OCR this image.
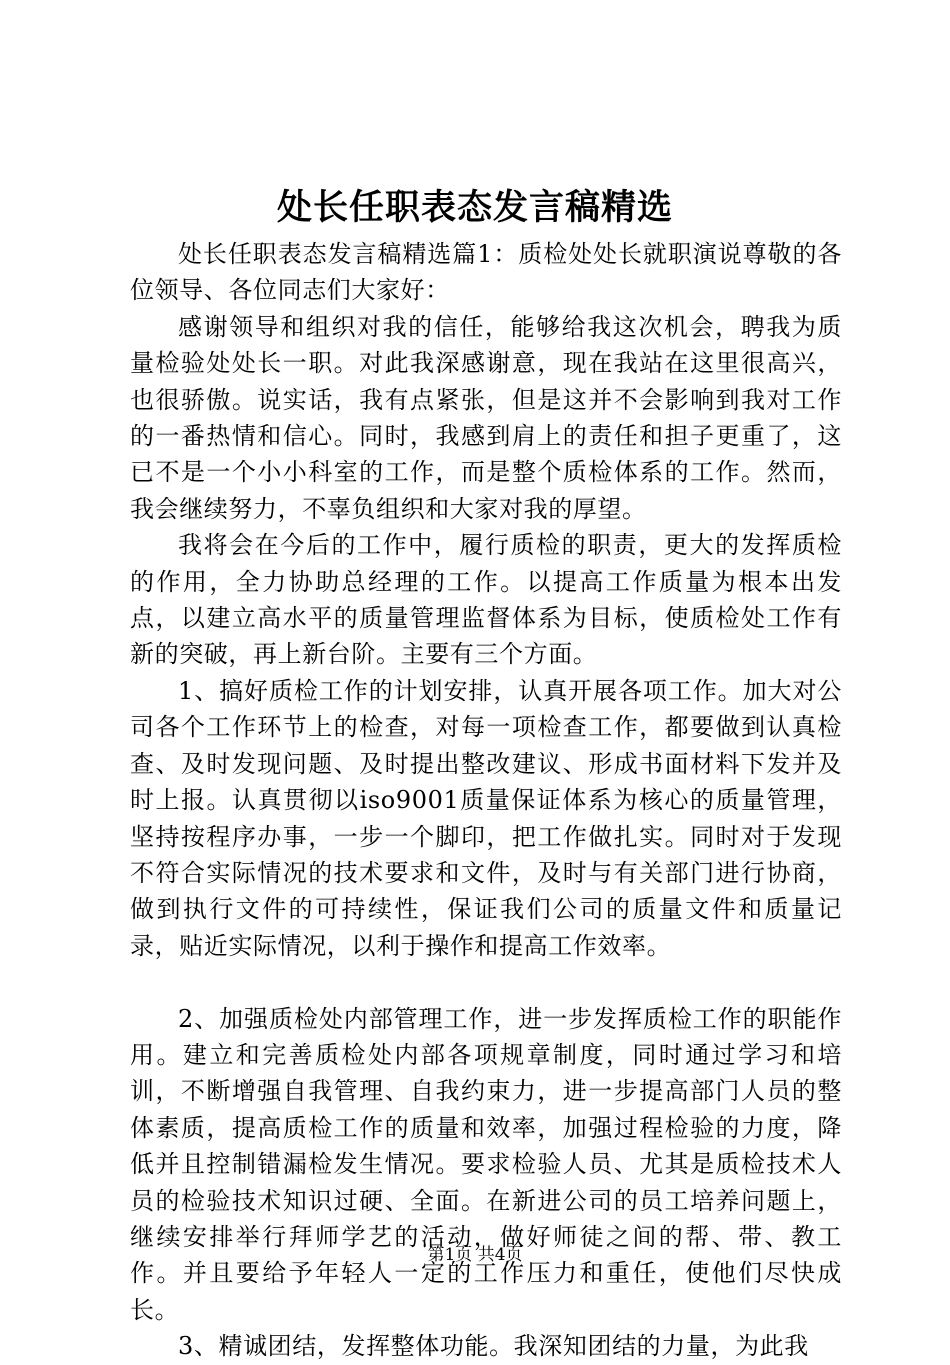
处长任职表态发言稿精选

处长任职表态发言稿精选篇1：质检处处长就职演说尊敬的各位领导、各位同志们大家好：

感谢领导和组织对我的信任，能够给我这次机会，聘我为质量检验处处长一职。对此我深感谢意，现在我站在这里很高兴，也很骄傲。说实话，我有点紧张，但是这并不会影响到我对工作的一番热情和信心。同时，我感到肩上的责任和担子更重了，这已不是一个小小科室的工作，而是整个质检体系的工作。然而，我会继续努力，不辜负组织和大家对我的厚望。

我将会在今后的工作中，履行质检的职责，更大的发挥质检的作用，全力协助总经理的工作。以提高工作质量为根本出发点，以建立高水平的质量管理监督体系为目标，使质检处工作有新的突破，再上新台阶。主要有三个方面。

1、搞好质检工作的计划安排，认真开展各项工作。加大对公司各个工作环节上的检查，对每一项检查工作，都要做到认真检查、及时发现问题、及时提出整改建议、形成书面材料下发并及时上报。认真贯彻以iso9001质量保证体系为核心的质量管理，坚持按程序办事，一步一个脚印，把工作做扎实。同时对于发现不符合实际情况的技术要求和文件，及时与有关部门进行协商，做到执行文件的可持续性，保证我们公司的质量文件和质量记录，贴近实际情况，以利于操作和提高工作效率。

2、加强质检处内部管理工作，进一步发挥质检工作的职能作用。建立和完善质检处内部各项规章制度，同时通过学习和培训，不断增强自我管理、自我约束力，进一步提高部门人员的整体素质，提高质检工作的质量和效率，加强过程检验的力度，降低并且控制错漏检发生情况。要求检验人员、尤其是质检技术人员的检验技术知识过硬、全面。在新进公司的员工培养问题上，继续安排举行拜师学艺的活动，做好师徒之间的帮、带、教工作。并且要给予年轻人一定的工作压力和重任，使他们尽快成长。

3、精诚团结，发挥整体功能。我深知团结的力量，为此我

第1页 共4页
